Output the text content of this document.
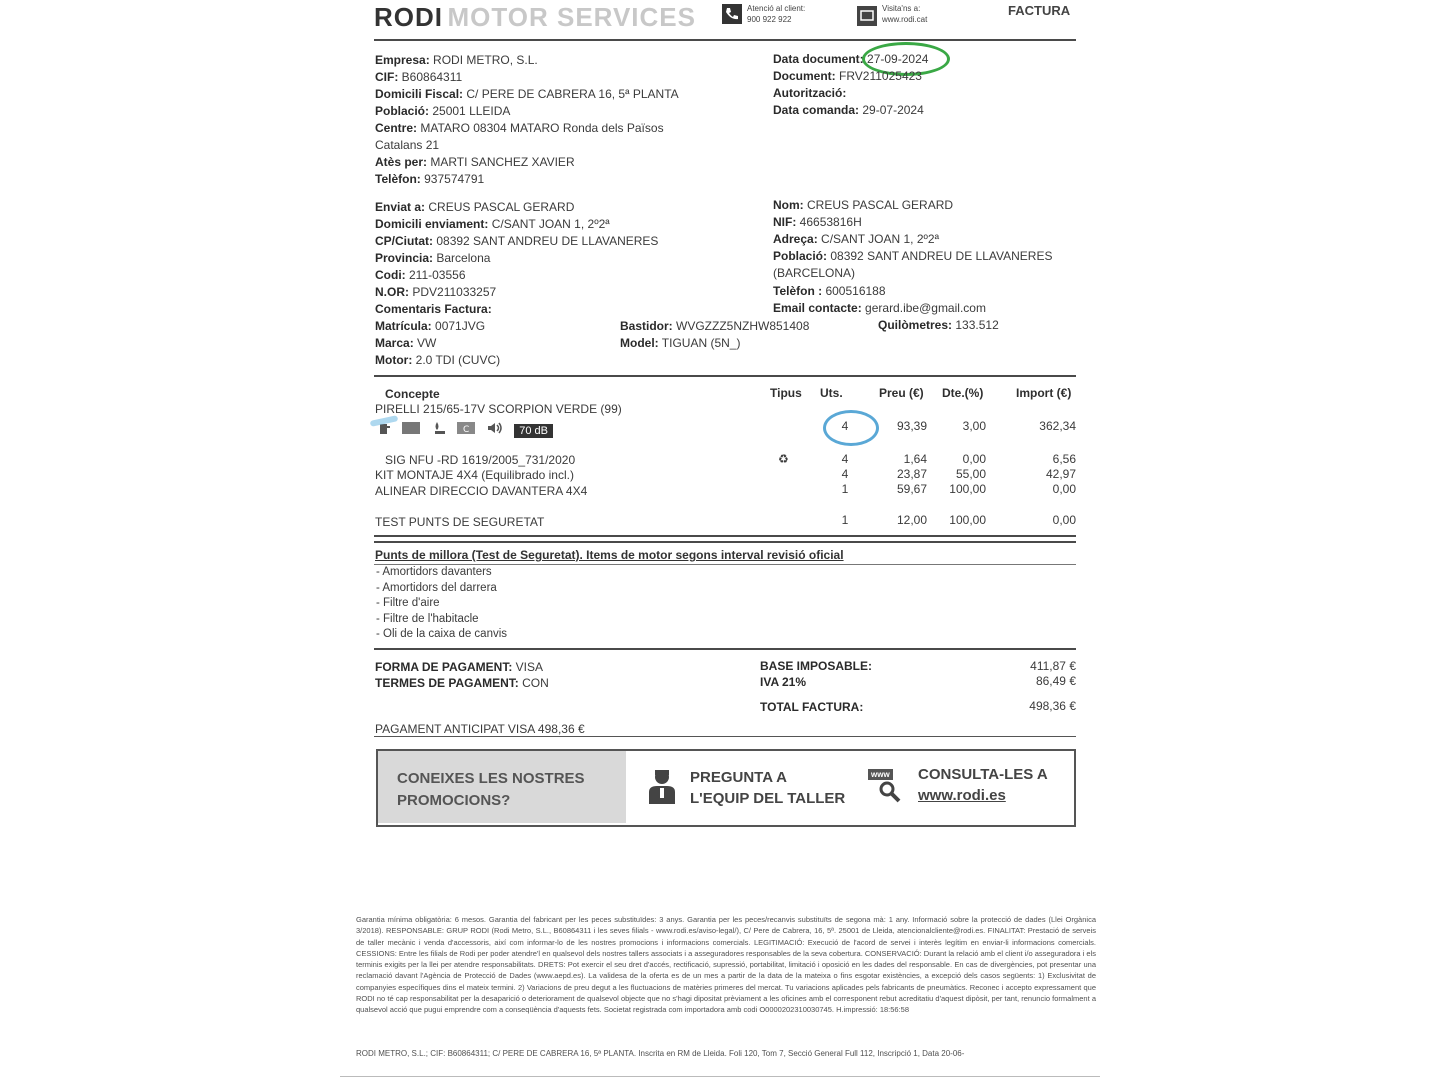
RODI MOTOR SERVICES	Atenció al client:
900 922 922
Visita'ns a:
www.rodi.cat
FACTURA
Empresa: RODI METRO, S.L.
CIF: B60864311
Domicili Fiscal: C/ PERE DE CABRERA 16, 5ª PLANTA
Població: 25001 LLEIDA
Centre: MATARO 08304 MATARO Ronda dels Països
Catalans 21
Atès per: MARTI SANCHEZ XAVIER
Telèfon: 937574791
Data document: 27-09-2024
Document: FRV211025423
Autorització:
Data comanda: 29-07-2024
Enviat a: CREUS PASCAL GERARD
Domicili enviament: C/SANT JOAN 1, 2º2ª
CP/Ciutat: 08392 SANT ANDREU DE LLAVANERES
Provincia: Barcelona
Codi: 211-03556
N.OR: PDV211033257
Comentaris Factura:
Matrícula: 0071JVG
Marca: VW
Motor: 2.0 TDI (CUVC)
Bastidor: WVGZZZ5NZHW851408
Model: TIGUAN (5N_)
Nom: CREUS PASCAL GERARD
NIF: 46653816H
Adreça: C/SANT JOAN 1, 2º2ª
Població: 08392 SANT ANDREU DE LLAVANERES
(BARCELONA)
Telèfon : 600516188
Email contacte: gerard.ibe@gmail.com
Quilòmetres: 133.512
Concepte	Tipus Uts.	Preu (€) Dte.(%)	Import (€)
PIRELLI 215/65-17V SCORPION VERDE (99)

C	70 dB	4	93,39	3,00	362,34
SIG NFU -RD 1619/2005_731/2020	♻	4	1,64	0,00	6,56
KIT MONTAJE 4X4 (Equilibrado incl.)	4	23,87	55,00	42,97
ALINEAR DIRECCIO DAVANTERA 4X4	1	59,67	100,00	0,00
TEST PUNTS DE SEGURETAT	1	12,00	100,00	0,00
Punts de millora (Test de Seguretat). Items de motor segons interval revisió oficial
- Amortidors davanters
- Amortidors del darrera
- Filtre d'aire
- Filtre de l'habitacle
- Oli de la caixa de canvis
FORMA DE PAGAMENT: VISA
TERMES DE PAGAMENT: CON
BASE IMPOSABLE:	411,87 €
IVA 21%	86,49 €
TOTAL FACTURA:	498,36 €
PAGAMENT ANTICIPAT VISA 498,36 €
CONEIXES LES NOSTRES
PROMOCIONS?
PREGUNTA A
L'EQUIP DEL TALLER
www CONSULTA-LES A
www.rodi.es
Garantia mínima obligatòria: 6 mesos. Garantia del fabricant per les peces substituïdes: 3 anys. Garantia per les peces/recanvis substituïts de segona mà: 1 any. Informació sobre la protecció de dades (Llei Orgànica 3/2018). RESPONSABLE: GRUP RODI (Rodi Metro, S.L., B60864311 i les seves filials - www.rodi.es/aviso-legal/), C/ Pere de Cabrera, 16, 5ª. 25001 de Lleida, atencionalcliente@rodi.es. FINALITAT: Prestació de serveis de taller mecànic i venda d'accessoris, així com informar-lo de les nostres promocions i informacions comercials. LEGITIMACIÓ: Execució de l'acord de servei i interès legítim en enviar-li informacions comercials. CESSIONS: Entre les filials de Rodi per poder atendre'l en qualsevol dels nostres tallers associats i a asseguradores responsables de la seva cobertura. CONSERVACIÓ: Durant la relació amb el client i/o asseguradora i els terminis exigits per la llei per atendre responsabilitats. DRETS: Pot exercir el seu dret d'accés, rectificació, supressió, portabilitat, limitació i oposició en les dades del responsable. En cas de divergències, pot presentar una reclamació davant l'Agència de Protecció de Dades (www.aepd.es). La validesa de la oferta es de un mes a partir de la data de la mateixa o fins esgotar existències, a excepció dels casos següents: 1) Exclusivitat de companyies específiques dins el mateix termini. 2) Variacions de preu degut a les fluctuacions de matèries primeres del mercat. Tu variacions aplicades pels fabricants de pneumàtics. Reconec i accepto expressament que RODI no té cap responsabilitat per la desaparició o deteriorament de qualsevol objecte que no s'hagi dipositat prèviament a les oficines amb el corresponent rebut acreditatiu d'aquest dipòsit, per tant, renuncio formalment a qualsevol acció que pugui emprendre com a conseqüència d'aquests fets. Societat registrada com importadora amb codi O0000202310030745. H.impressió: 18:56:58
RODI METRO, S.L.; CIF: B60864311; C/ PERE DE CABRERA 16, 5ª PLANTA. Inscrita en RM de Lleida. Foli 120, Tom 7, Secció General Full 112, Inscripció 1, Data 20-06-
